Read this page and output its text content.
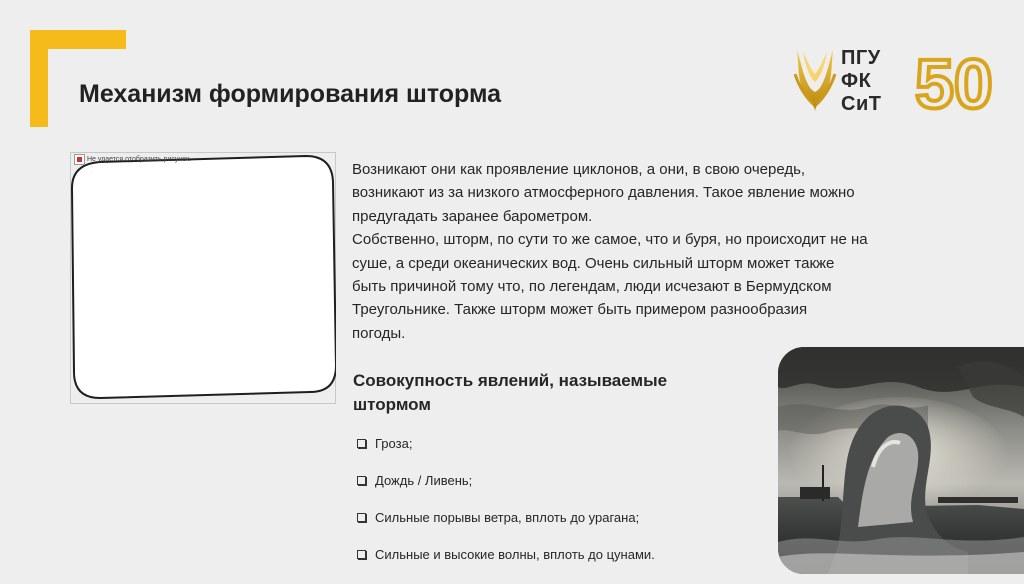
Механизм формирования шторма
ПГУ
ФК
СиТ 50
Не удается отобразить рисунок.

Возникают они как проявление циклонов, а они, в свою очередь,
возникают из за низкого атмосферного давления. Такое явление можно
предугадать заранее барометром.
Собственно, шторм, по сути то же самое, что и буря, но происходит не на
суше, а среди океанических вод. Очень сильный шторм может также
быть причиной тому что, по легендам, люди исчезают в Бермудском
Треугольнике. Также шторм может быть примером разнообразия
погоды.

Совокупность явлений, называемые
штормом

Гроза;
Дождь / Ливень;
Сильные порывы ветра, вплоть до урагана;
Сильные и высокие волны, вплоть до цунами.
